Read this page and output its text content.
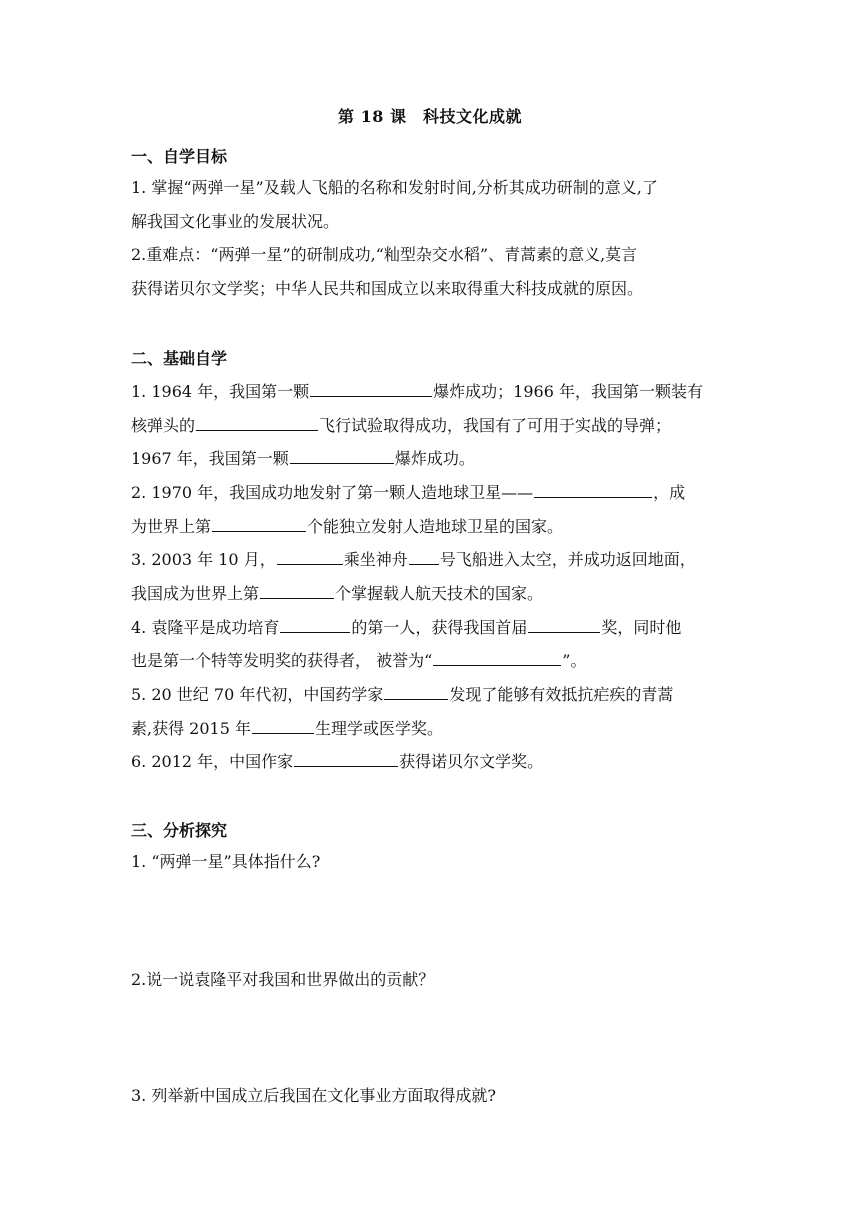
第 18 课　科技文化成就
一、自学目标
1. 掌握“两弹一星”及载人飞船的名称和发射时间,分析其成功研制的意义,了
解我国文化事业的发展状况。
2.重难点：“两弹一星”的研制成功,“籼型杂交水稻”、青蒿素的意义,莫言
获得诺贝尔文学奖；中华人民共和国成立以来取得重大科技成就的原因。
二、基础自学
1. 1964 年，我国第一颗	爆炸成功；1966 年，我国第一颗装有
核弹头的	飞行试验取得成功，我国有了可用于实战的导弹；
1967 年，我国第一颗	爆炸成功。
2. 1970 年，我国成功地发射了第一颗人造地球卫星——	，成
为世界上第	个能独立发射人造地球卫星的国家。
3. 2003 年 10 月，	乘坐神舟 号飞船进入太空，并成功返回地面，
我国成为世界上第	个掌握载人航天技术的国家。
4. 袁隆平是成功培育	的第一人，获得我国首届	奖，同时他
也是第一个特等发明奖的获得者， 被誉为“	”。
5. 20 世纪 70 年代初，中国药学家	发现了能够有效抵抗疟疾的青蒿
素,获得 2015 年	生理学或医学奖。
6. 2012 年，中国作家	获得诺贝尔文学奖。
三、分析探究
1. “两弹一星”具体指什么?
2.说一说袁隆平对我国和世界做出的贡献？
3. 列举新中国成立后我国在文化事业方面取得成就?
